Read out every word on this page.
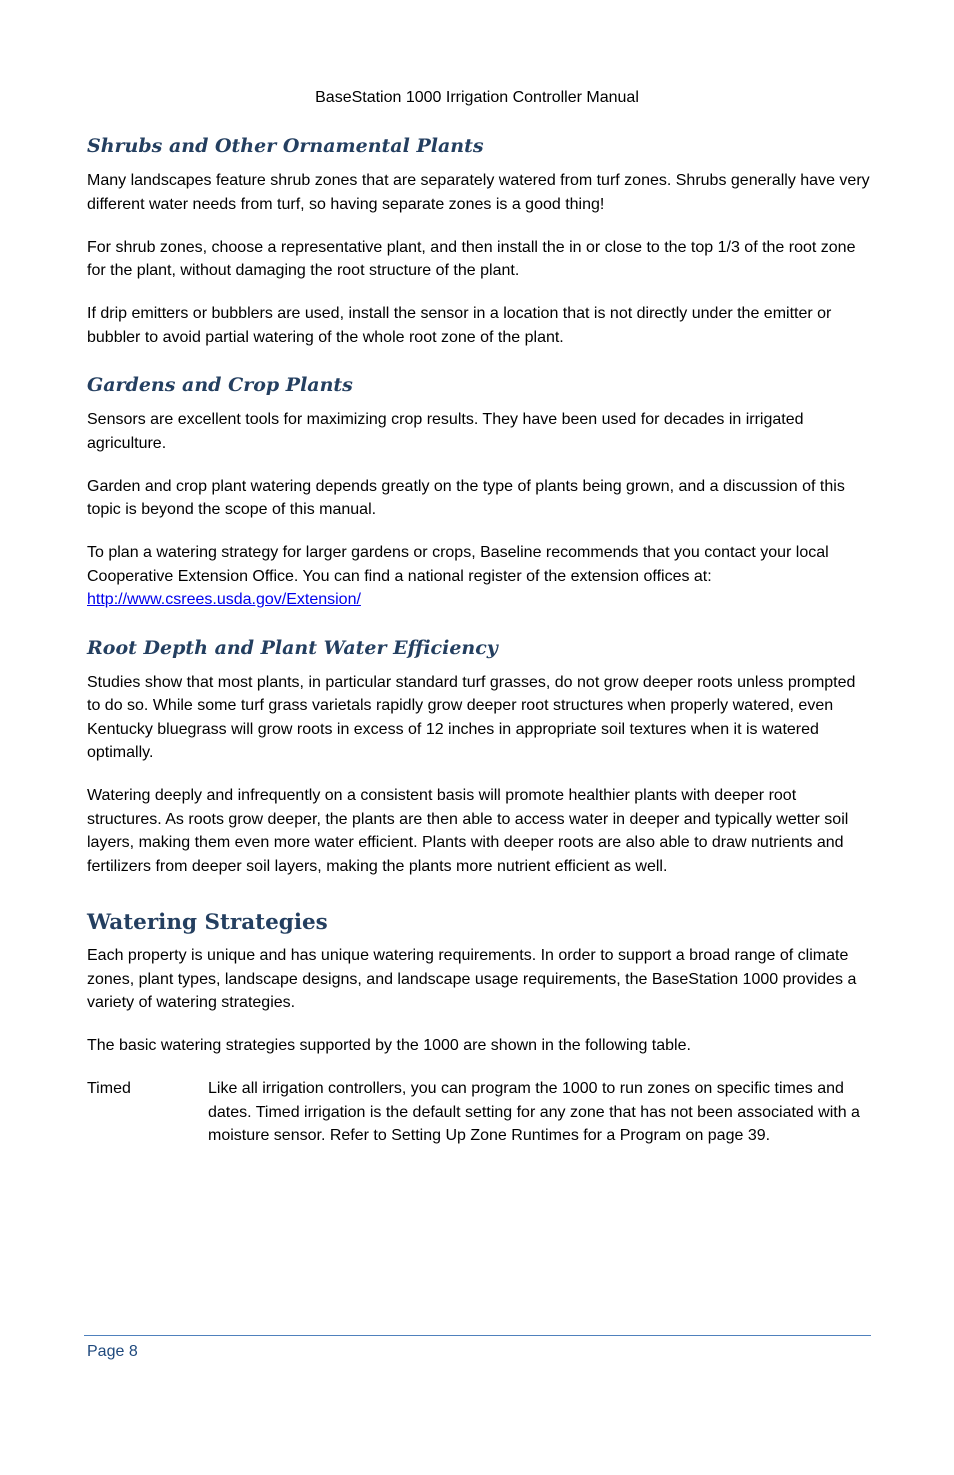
BaseStation 1000 Irrigation Controller Manual
Shrubs and Other Ornamental Plants

Many landscapes feature shrub zones that are separately watered from turf zones. Shrubs generally have very different water needs from turf, so having separate zones is a good thing!

For shrub zones, choose a representative plant, and then install the in or close to the top 1/3 of the root zone for the plant, without damaging the root structure of the plant.

If drip emitters or bubblers are used, install the sensor in a location that is not directly under the emitter or bubbler to avoid partial watering of the whole root zone of the plant.

Gardens and Crop Plants

Sensors are excellent tools for maximizing crop results. They have been used for decades in irrigated agriculture.

Garden and crop plant watering depends greatly on the type of plants being grown, and a discussion of this topic is beyond the scope of this manual.

To plan a watering strategy for larger gardens or crops, Baseline recommends that you contact your local Cooperative Extension Office. You can find a national register of the extension offices at:
http://www.csrees.usda.gov/Extension/

Root Depth and Plant Water Efficiency

Studies show that most plants, in particular standard turf grasses, do not grow deeper roots unless prompted to do so. While some turf grass varietals rapidly grow deeper root structures when properly watered, even Kentucky bluegrass will grow roots in excess of 12 inches in appropriate soil textures when it is watered optimally.

Watering deeply and infrequently on a consistent basis will promote healthier plants with deeper root structures. As roots grow deeper, the plants are then able to access water in deeper and typically wetter soil layers, making them even more water efficient. Plants with deeper roots are also able to draw nutrients and fertilizers from deeper soil layers, making the plants more nutrient efficient as well.

Watering Strategies

Each property is unique and has unique watering requirements. In order to support a broad range of climate zones, plant types, landscape designs, and landscape usage requirements, the BaseStation 1000 provides a variety of watering strategies.

The basic watering strategies supported by the 1000 are shown in the following table.

Timed	Like all irrigation controllers, you can program the 1000 to run zones on specific times and dates. Timed irrigation is the default setting for any zone that has not been associated with a moisture sensor. Refer to Setting Up Zone Runtimes for a Program on page 39.
Page 8
